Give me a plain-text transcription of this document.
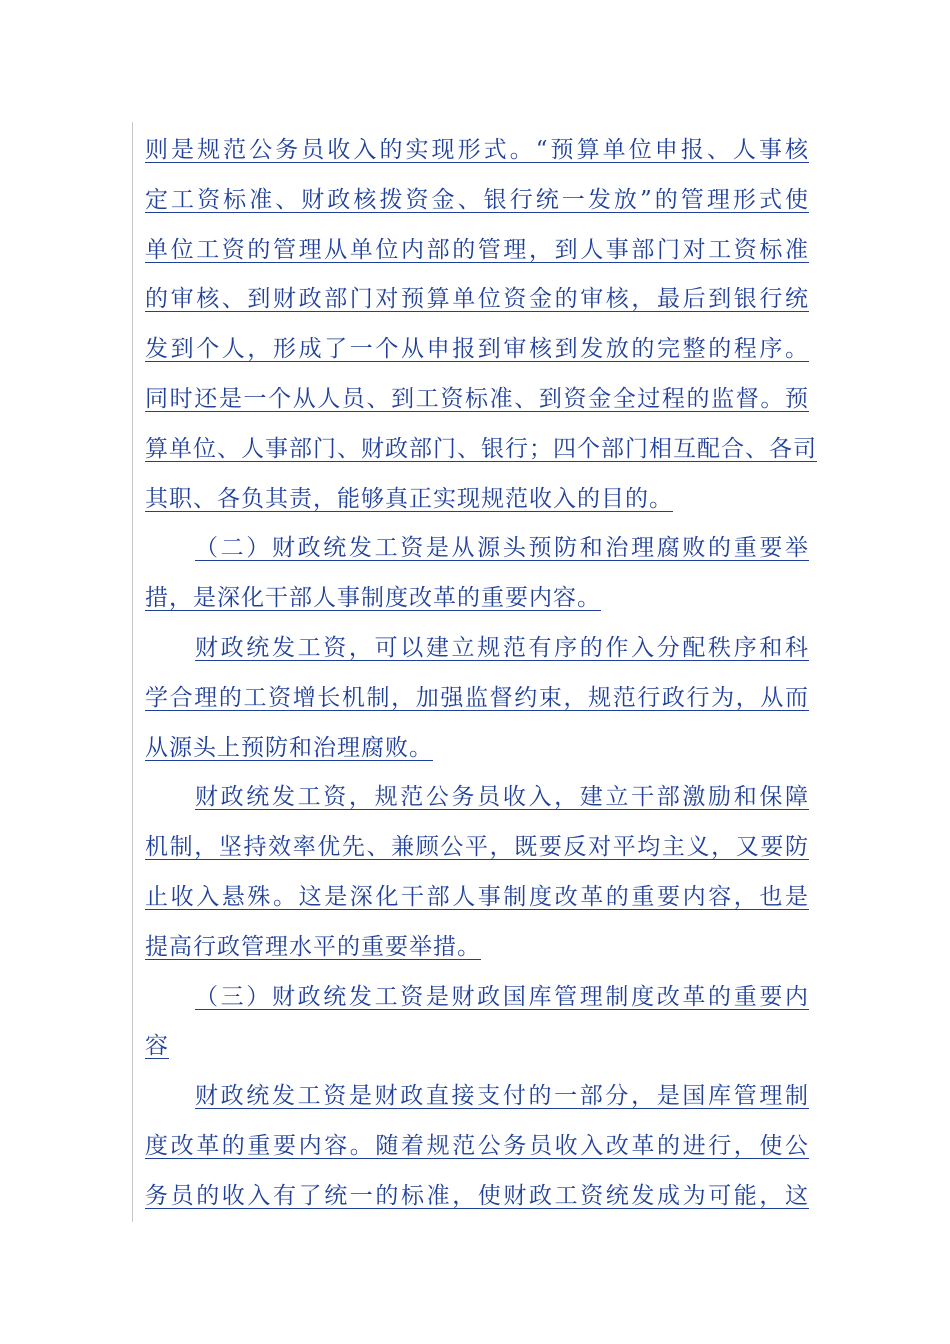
则是规范公务员收入的实现形式。“预算单位申报、人事核
定工资标准、财政核拨资金、银行统一发放”的管理形式使
单位工资的管理从单位内部的管理，到人事部门对工资标准
的审核、到财政部门对预算单位资金的审核，最后到银行统
发到个人，形成了一个从申报到审核到发放的完整的程序。
同时还是一个从人员、到工资标准、到资金全过程的监督。预
算单位、人事部门、财政部门、银行；四个部门相互配合、各司
其职、各负其责，能够真正实现规范收入的目的。
（二）财政统发工资是从源头预防和治理腐败的重要举
措，是深化干部人事制度改革的重要内容。
财政统发工资，可以建立规范有序的作入分配秩序和科
学合理的工资增长机制，加强监督约束，规范行政行为，从而
从源头上预防和治理腐败。
财政统发工资，规范公务员收入，建立干部激励和保障
机制，坚持效率优先、兼顾公平，既要反对平均主义，又要防
止收入悬殊。这是深化干部人事制度改革的重要内容，也是
提高行政管理水平的重要举措。
（三）财政统发工资是财政国库管理制度改革的重要内
容
财政统发工资是财政直接支付的一部分，是国库管理制
度改革的重要内容。随着规范公务员收入改革的进行，使公
务员的收入有了统一的标准，使财政工资统发成为可能，这
